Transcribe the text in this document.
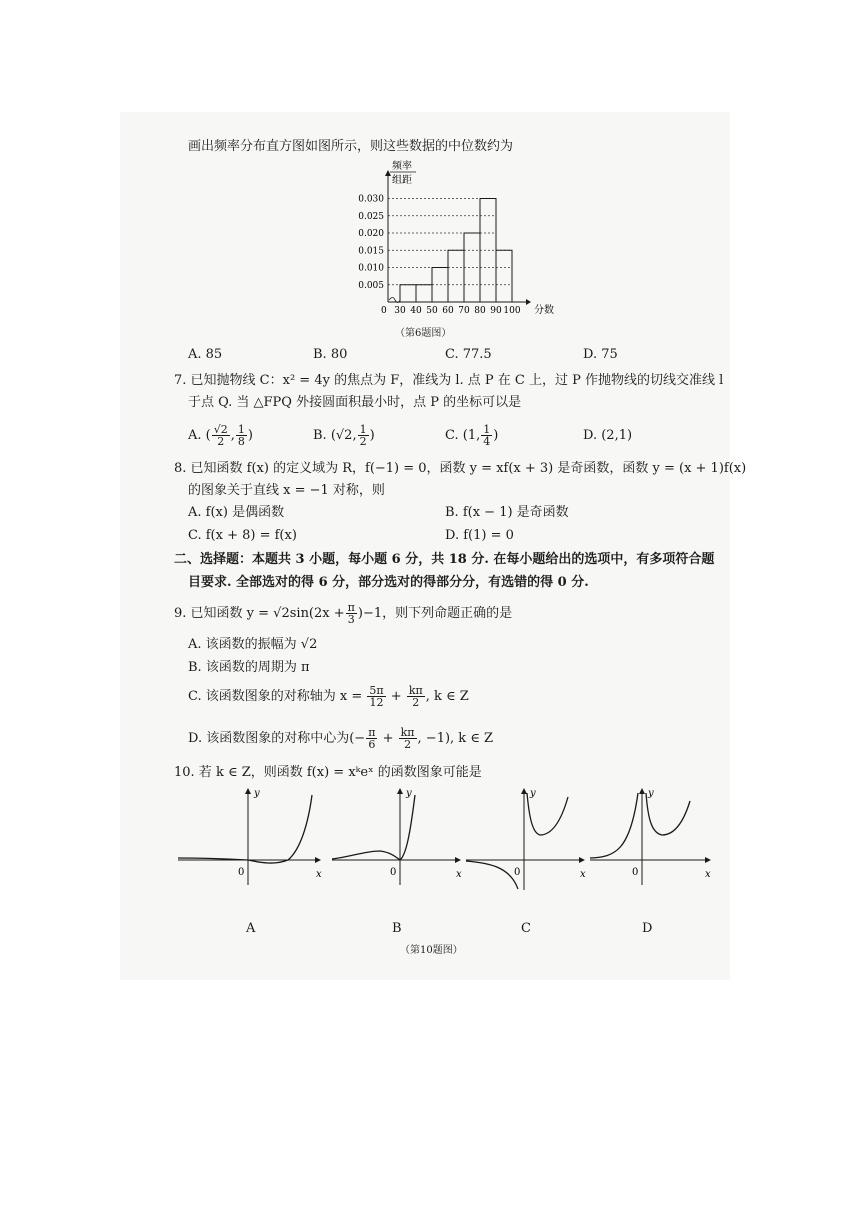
画出频率分布直方图如图所示，则这些数据的中位数约为
0.005
0.010
0.015
0.020
0.025
0.030
30 40 50 60 70 80 90 100
0	分数
频率
组距
（第6题图）
A. 85	B. 80	C. 77.5	D. 75
7. 已知抛物线 C：x² = 4y 的焦点为 F，准线为 l. 点 P 在 C 上，过 P 作抛物线的切线交准线 l
于点 Q. 当 △FPQ 外接圆面积最小时，点 P 的坐标可以是
A. ( $\frac{√2}{2}$ , $\frac{1}{8}$ )	B. (√2, $\frac{1}{2}$ )	C. (1, $\frac{1}{4}$ )	D. (2,1)
8. 已知函数 f(x) 的定义域为 R，f(−1) = 0，函数 y = xf(x + 3) 是奇函数，函数 y = (x + 1)f(x)
的图象关于直线 x = −1 对称，则
A. f(x) 是偶函数	B. f(x − 1) 是奇函数
C. f(x + 8) = f(x)	D. f(1) = 0
二、选择题：本题共 3 小题，每小题 6 分，共 18 分. 在每小题给出的选项中，有多项符合题
目要求. 全部选对的得 6 分，部分选对的得部分分，有选错的得 0 分.
9. 已知函数 $y = √2\sin(2x + \frac{\pi}{3} )-1$，则下列命题正确的是
A. 该函数的振幅为 √2
B. 该函数的周期为 π
C. 该函数图象的对称轴为 $x = \frac{5\pi}{12} + \frac{k\pi}{2}$ , k ∈ Z
D. 该函数图象的对称中心为(− $\frac{\pi}{6} + \frac{k\pi}{2}$ , −1), k ∈ Z
10. 若 k ∈ Z，则函数 f(x) = xᵏeˣ 的函数图象可能是
y
x
0
y
x
0
y
x
0
y
x
0
A	B	C	D
（第10题图）
